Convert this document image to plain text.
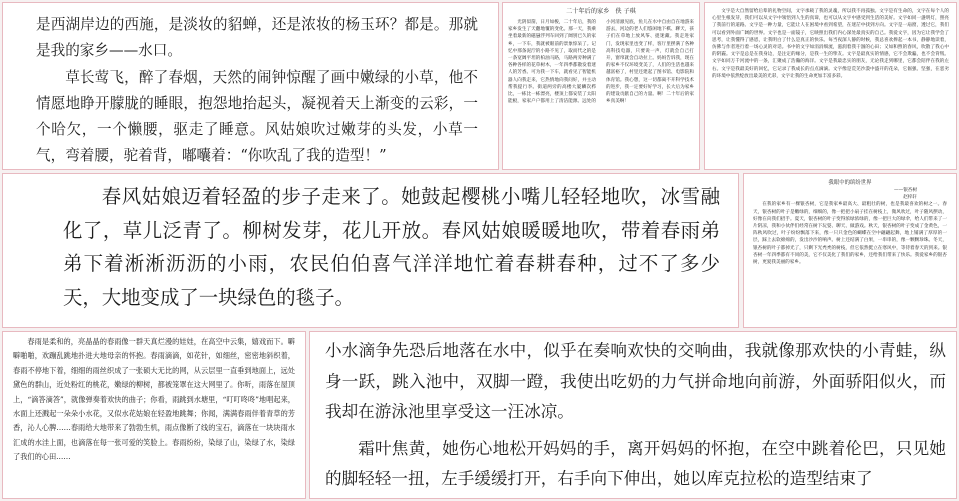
是西湖岸边的西施，是淡妆的貂蝉，还是浓妆的杨玉环？都是。那就是我的家乡——水口。

草长莺飞，醉了春烟，天然的闹钟惊醒了画中嫩绿的小草，他不情愿地睁开朦胧的睡眼，抱怨地抬起头，凝视着天上渐变的云彩，一个哈欠，一个懒腰，驱走了睡意。风姑娘吹过嫩芽的头发，小草一气，弯着腰，驼着背，嘟囔着：“你吹乱了我的造型！”

二十年后的家乡 佚 子琪

光阴似箭，日月如梭，二十年后，我的家乡发生了天翻地覆的变化。那一天，我乘坐着最新的磁悬浮列车回到了阔别已久的家乡，一下车，我就被眼前的景象惊呆了。记忆中那条泥泞的小路不见了，取而代之的是一条宽阔平坦的柏油马路，马路两旁种满了各种各样的花草树木，一年四季都散发着迷人的芳香。可为我一下车，就看见了智能机器人向我走来，它热情地向我问好，并主动帮我提行李。街道两旁的高楼大厦鳞次栉比，一栋比一栋漂亮，楼顶上都安装了太阳能板，家家户户都用上了清洁能源。远处的小河清澈见底，鱼儿在水中自由自在地游来游去，河边的老人们悠闲地下棋、聊天，孩子们在草地上放风筝、捉迷藏。我走进家门，发现家里也变了样，客厅里摆满了各种高科技电器，只要说一声，灯就会自己打开，窗帘就会自动拉上。妈妈告诉我，现在的家乡不仅环境变美了，人们的生活也越来越富裕了，村里还建起了图书馆、电影院和体育馆。我心想，这一切都离不开科学技术的进步，我一定要好好学习，长大后为家乡的建设贡献自己的力量。啊！二十年后的家乡真美啊！

文字是大自然留给后辈的礼物空间，文字承载了我的灵魂，所以我不再孤独。文字是有生命的，文字在每个人的心里生根发芽，我们可以从文字中领悟到人生的真谛，也可以从文字中感受到生活的美好。文字如同一盏明灯，照亮了我前行的道路。文字是一种力量，它能让人在困境中看到希望，在迷茫中找到方向。文字是一扇窗，透过它，我们可以看到外面广阔的世界。文字也是一面镜子，它映照出我们内心深处最真实的自己。我爱文字，因为它让我学会了思考，让我懂得了感恩，让我明白了什么是真正的快乐。每当夜深人静的时候，我总喜欢捧起一本书，静静地读着，仿佛与作者进行着一场心灵的对话。书中的文字如涓涓细流，滋润着我干涸的心田；又如和煦的春风，吹散了我心中的阴霾。文字是总是在我身边，是注定的缘分，是我一生的挚友。文字是最真实的情感，它不会欺骗，也不会背叛。文字如同万千河流中的一条，汇聚成了浩瀚的海洋。文字是我最忠实的朋友，无论我走到哪里，它都会陪伴在我的左右。文字是我最美好的回忆，它记录了我成长的点点滴滴。文字像是荒芜沙漠中盛开的花朵，它倔强、坚强，在恶劣的环境中依然绽放出最美的光彩，文字让我的生命更加丰富多彩。

春风姑娘迈着轻盈的步子走来了。她鼓起樱桃小嘴儿轻轻地吹，冰雪融化了，草儿泛青了。柳树发芽，花儿开放。春风姑娘暖暖地吹，带着春雨弟弟下着淅淅沥沥的小雨，农民伯伯喜气洋洋地忙着春耕春种，过不了多少天，大地变成了一块绿色的毯子。

我眼中的缤纷世界

——银杏树

赵梓轩

在我的家乡有一棵银杏树，它是我家乡最高大、最粗壮的树，也是我最喜欢的树之一。春天，银杏树的叶子是嫩绿的，细细的，像一把把小扇子挂在树枝上，微风吹过，叶子随风摆动，好像在向我们招手。夏天，银杏树的叶子变得浓绿浓绿的，像一把巨大的绿伞，给人们带来了一片阴凉，我和小伙伴们经常在树下玩耍、聊天、做游戏。秋天，银杏树的叶子变成了金黄色，一阵秋风吹过，叶子纷纷飘落下来，像一只只金色的蝴蝶在空中翩翩起舞，地上铺满了厚厚的一层，踩上去软绵绵的，发出沙沙的响声。树上还结满了白果，一串串的，像一颗颗珍珠。冬天，银杏树的叶子都掉光了，只剩下光秃秃的树枝，但它依然挺立在寒风中，等待着春天的到来。银杏树一年四季都有不同的美，它不仅美化了我们的家乡，还给我们带来了快乐。我爱家乡的银杏树，更爱我美丽的家乡。

春雨是柔和的，亮晶晶的春雨像一群天真烂漫的娃娃，在高空中云集，嬉戏而下。噼噼啪啪，欢蹦乱跳地扑进大地母亲的怀抱。春雨滴滴，如花针，如细丝，密密地斜织着，春雨不停地下着，细细的雨丝织成了一张硕大无比的网，从云层里一直垂到地面上，远处黛色的群山，近处粉红的桃花，嫩绿的柳树，都被笼罩在这大网里了。你听，雨落在屋顶上，“滴答滴答”，就像弹奏着欢快的曲子；你看，雨跳到水塘里，“叮叮咚咚”地唱起来，水面上还溅起一朵朵小水花，又似水花姑娘在轻盈地跳舞；你闻，满满春雨伴着青草的芳香，沁人心脾……春雨给大地带来了勃勃生机，雨点像断了线的宝石，滴落在一块块雨水汇成的水洼上面，也滴落在每一张可爱的笑脸上。春雨纷纷，染绿了山，染绿了水，染绿了我们的心田……

小水滴争先恐后地落在水中，似乎在奏响欢快的交响曲，我就像那欢快的小青蛙，纵身一跃，跳入池中，双脚一蹬，我使出吃奶的力气拼命地向前游，外面骄阳似火，而我却在游泳池里享受这一汪冰凉。

霜叶焦黄，她伤心地松开妈妈的手，离开妈妈的怀抱，在空中跳着伦巴，只见她的脚轻轻一扭，左手缓缓打开，右手向下伸出，她以库克拉松的造型结束了
